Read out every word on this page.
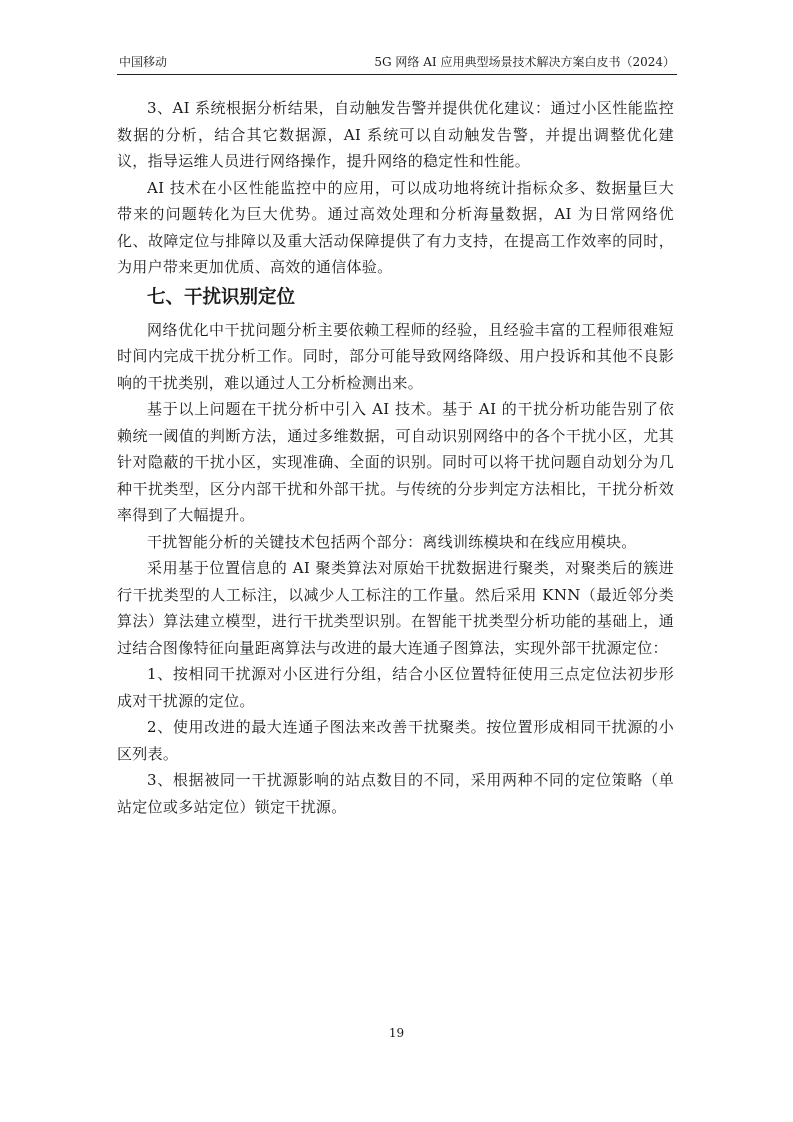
中国移动	5G 网络 AI 应用典型场景技术解决方案白皮书（2024）

3、AI 系统根据分析结果，自动触发告警并提供优化建议：通过小区性能监控数据的分析，结合其它数据源，AI 系统可以自动触发告警，并提出调整优化建议，指导运维人员进行网络操作，提升网络的稳定性和性能。

AI 技术在小区性能监控中的应用，可以成功地将统计指标众多、数据量巨大带来的问题转化为巨大优势。通过高效处理和分析海量数据，AI 为日常网络优化、故障定位与排障以及重大活动保障提供了有力支持，在提高工作效率的同时，为用户带来更加优质、高效的通信体验。

七、干扰识别定位

网络优化中干扰问题分析主要依赖工程师的经验，且经验丰富的工程师很难短时间内完成干扰分析工作。同时，部分可能导致网络降级、用户投诉和其他不良影响的干扰类别，难以通过人工分析检测出来。

基于以上问题在干扰分析中引入 AI 技术。基于 AI 的干扰分析功能告别了依赖统一阈值的判断方法，通过多维数据，可自动识别网络中的各个干扰小区，尤其针对隐蔽的干扰小区，实现准确、全面的识别。同时可以将干扰问题自动划分为几种干扰类型，区分内部干扰和外部干扰。与传统的分步判定方法相比，干扰分析效率得到了大幅提升。

干扰智能分析的关键技术包括两个部分：离线训练模块和在线应用模块。

采用基于位置信息的 AI 聚类算法对原始干扰数据进行聚类，对聚类后的簇进行干扰类型的人工标注，以减少人工标注的工作量。然后采用 KNN（最近邻分类算法）算法建立模型，进行干扰类型识别。在智能干扰类型分析功能的基础上，通过结合图像特征向量距离算法与改进的最大连通子图算法，实现外部干扰源定位：

1、按相同干扰源对小区进行分组，结合小区位置特征使用三点定位法初步形成对干扰源的定位。

2、使用改进的最大连通子图法来改善干扰聚类。按位置形成相同干扰源的小区列表。

3、根据被同一干扰源影响的站点数目的不同，采用两种不同的定位策略（单站定位或多站定位）锁定干扰源。

19
